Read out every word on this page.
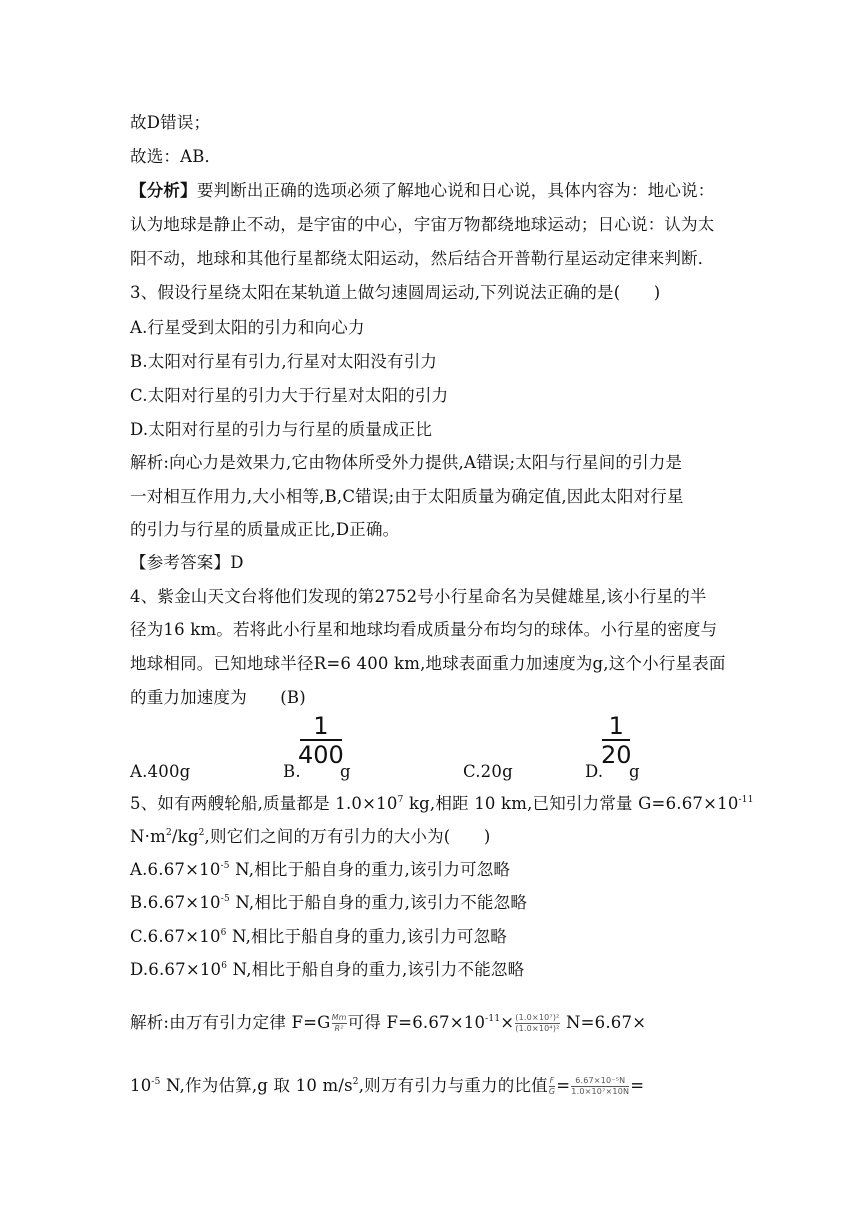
故D错误；
故选：AB．
【分析】要判断出正确的选项必须了解地心说和日心说，具体内容为：地心说：
认为地球是静止不动，是宇宙的中心，宇宙万物都绕地球运动；日心说：认为太
阳不动，地球和其他行星都绕太阳运动，然后结合开普勒行星运动定律来判断．
3、假设行星绕太阳在某轨道上做匀速圆周运动,下列说法正确的是(　　)
A.行星受到太阳的引力和向心力
B.太阳对行星有引力,行星对太阳没有引力
C.太阳对行星的引力大于行星对太阳的引力
D.太阳对行星的引力与行星的质量成正比
解析:向心力是效果力,它由物体所受外力提供,A错误;太阳与行星间的引力是
一对相互作用力,大小相等,B,C错误;由于太阳质量为确定值,因此太阳对行星
的引力与行星的质量成正比,D正确。
【参考答案】D
4、紫金山天文台将他们发现的第2752号小行星命名为吴健雄星,该小行星的半
径为16 km。若将此小行星和地球均看成质量分布均匀的球体。小行星的密度与
地球相同。已知地球半径R=6 400 km,地球表面重力加速度为g,这个小行星表面
的重力加速度为　　(B)
A.400g	B.
1
400
g	C.20g	D.
1
20
g
5、如有两艘轮船,质量都是 $1.0\times 10^7$ kg,相距 10 km,已知引力常量 $G=6.67\times 10^{-11}$
$N\cdot m^2/kg^2$,则它们之间的万有引力的大小为(　　)
$A.6.67\times 10^{-5}$ N,相比于船自身的重力,该引力可忽略
$B.6.67\times 10^{-5}$ N,相比于船自身的重力,该引力不能忽略
$C.6.67\times 10^6$ N,相比于船自身的重力,该引力可忽略
$D.6.67\times 10^6$ N,相比于船自身的重力,该引力不能忽略
解析:由万有引力定律 $F=G \frac{Mm}{\text{R²}}$ 可得 $F=6.67\times 10^{-11}\times \frac{\text{(1.0×10⁷)²}}{\text{(1.0×10⁴)²}} N=6.67\times$
$10^{-5}$ N,作为估算,g 取 10 $m/s^2$,则万有引力与重力的比值 $\frac{F}{G} = \frac{\text{6.67×10⁻⁵N}}{\text{1.0×10⁷×10N}}$ =
